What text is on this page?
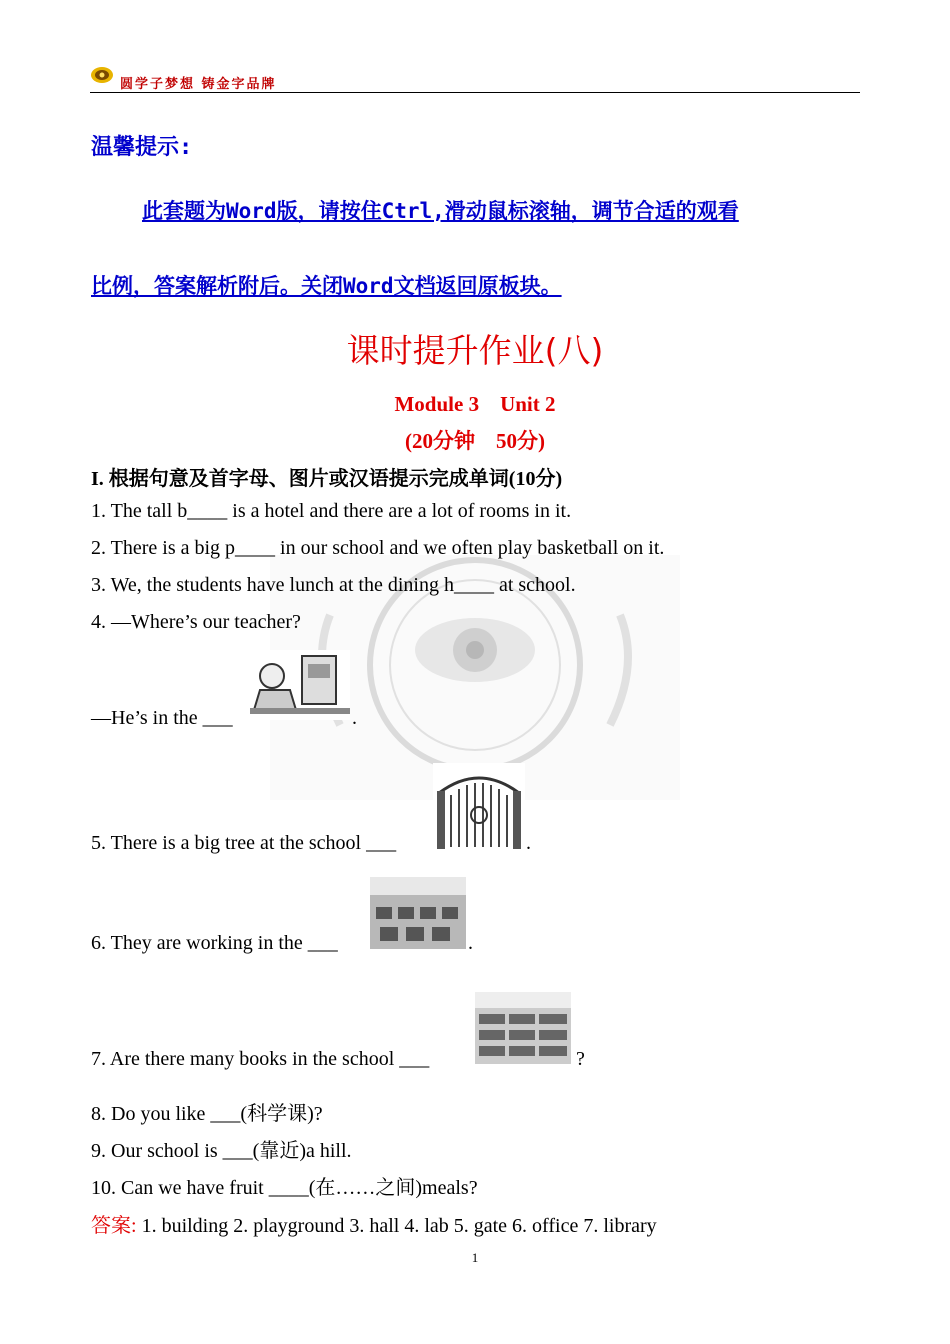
圆学子梦想 铸金字品牌
温馨提示:
此套题为Word版，请按住Ctrl,滑动鼠标滚轴，调节合适的观看
比例，答案解析附后。关闭Word文档返回原板块。
课时提升作业(八)
Module 3　Unit 2
(20分钟　50分)
I. 根据句意及首字母、图片或汉语提示完成单词(10分)
1. The tall b____ is a hotel and there are a lot of rooms in it.
2. There is a big p____ in our school and we often play basketball on it.
3. We, the students have lunch at the dining h____ at school.
4. —Where’s our teacher?
—He’s in the ___	.
5. There is a big tree at the school ___	.
6. They are working in the ___	.
7. Are there many books in the school ___	?
8. Do you like ___(科学课)?
9. Our school is ___(靠近)a hill.
10. Can we have fruit ____(在……之间)meals?
答案: 1. building 2. playground 3. hall 4. lab 5. gate 6. office 7. library
1
